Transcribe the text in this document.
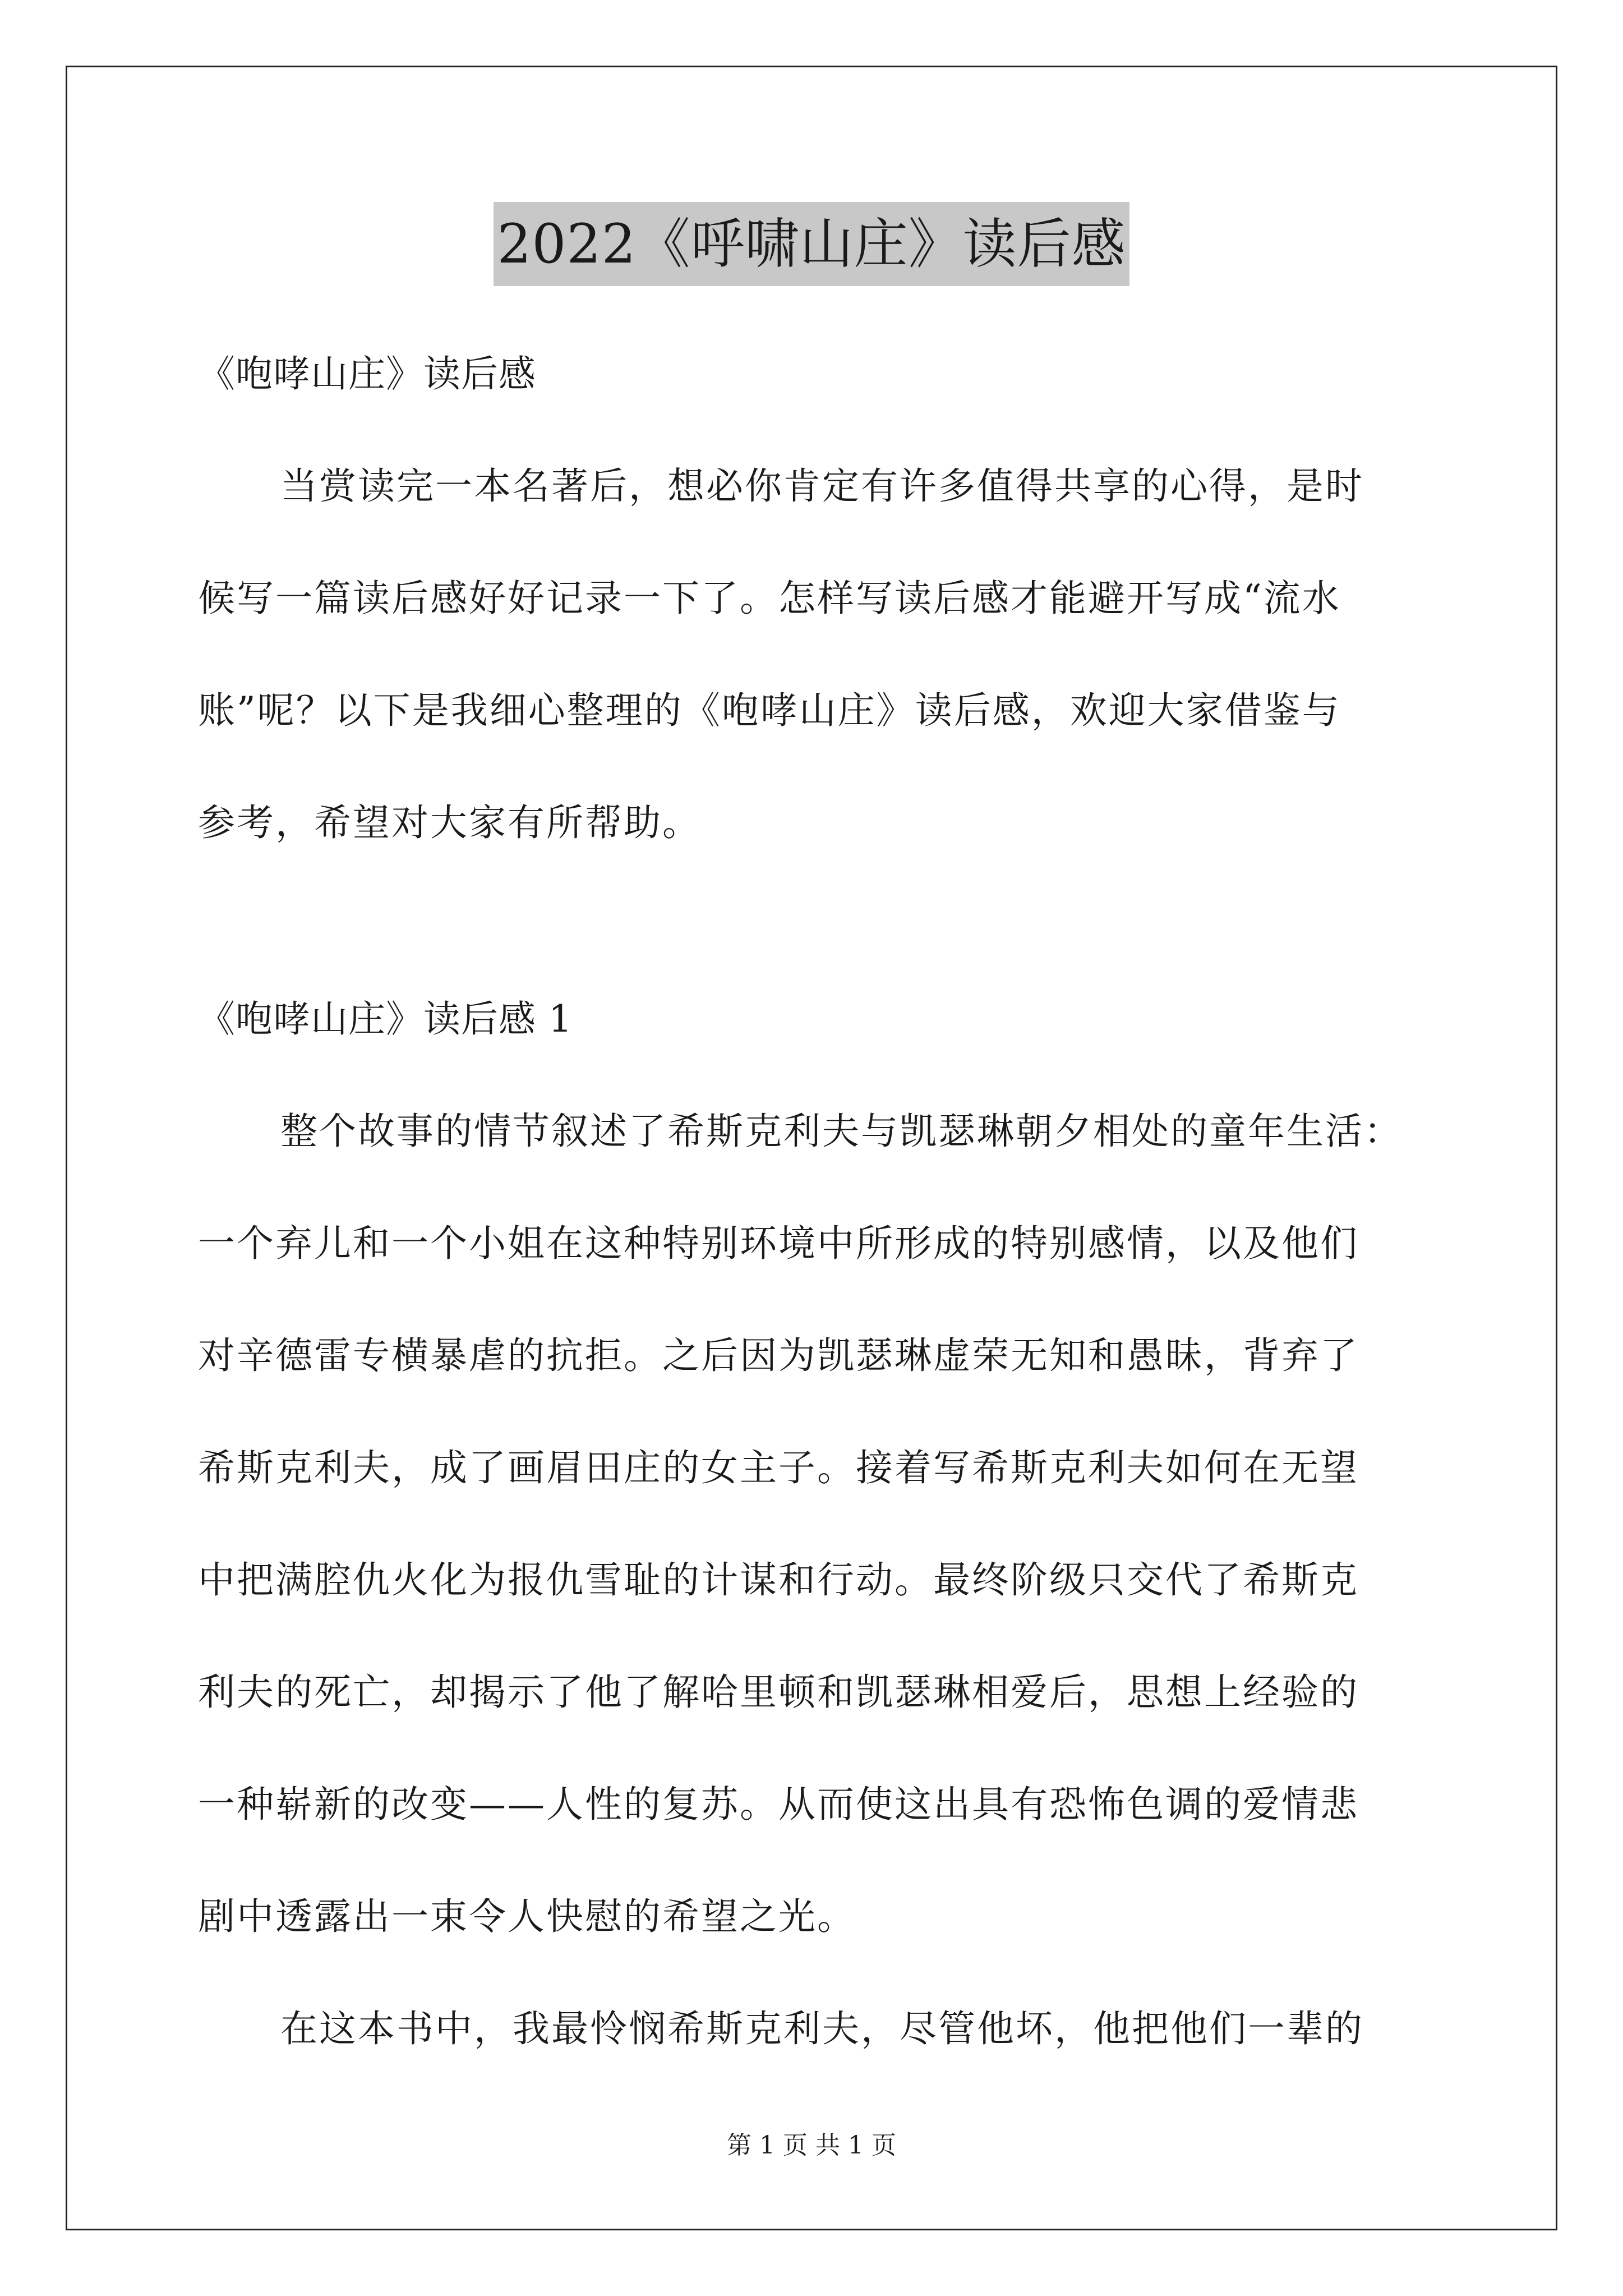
2022《呼啸山庄》读后感
《咆哮山庄》读后感
当赏读完一本名著后，想必你肯定有许多值得共享的心得，是时
候写一篇读后感好好记录一下了。怎样写读后感才能避开写成“流水
账”呢？以下是我细心整理的《咆哮山庄》读后感，欢迎大家借鉴与
参考，希望对大家有所帮助。
《咆哮山庄》读后感 1
整个故事的情节叙述了希斯克利夫与凯瑟琳朝夕相处的童年生活：
一个弃儿和一个小姐在这种特别环境中所形成的特别感情，以及他们
对辛德雷专横暴虐的抗拒。之后因为凯瑟琳虚荣无知和愚昧，背弃了
希斯克利夫，成了画眉田庄的女主子。接着写希斯克利夫如何在无望
中把满腔仇火化为报仇雪耻的计谋和行动。最终阶级只交代了希斯克
利夫的死亡，却揭示了他了解哈里顿和凯瑟琳相爱后，思想上经验的
一种崭新的改变——人性的复苏。从而使这出具有恐怖色调的爱情悲
剧中透露出一束令人快慰的希望之光。
在这本书中，我最怜悯希斯克利夫，尽管他坏，他把他们一辈的
第 1 页 共 1 页
